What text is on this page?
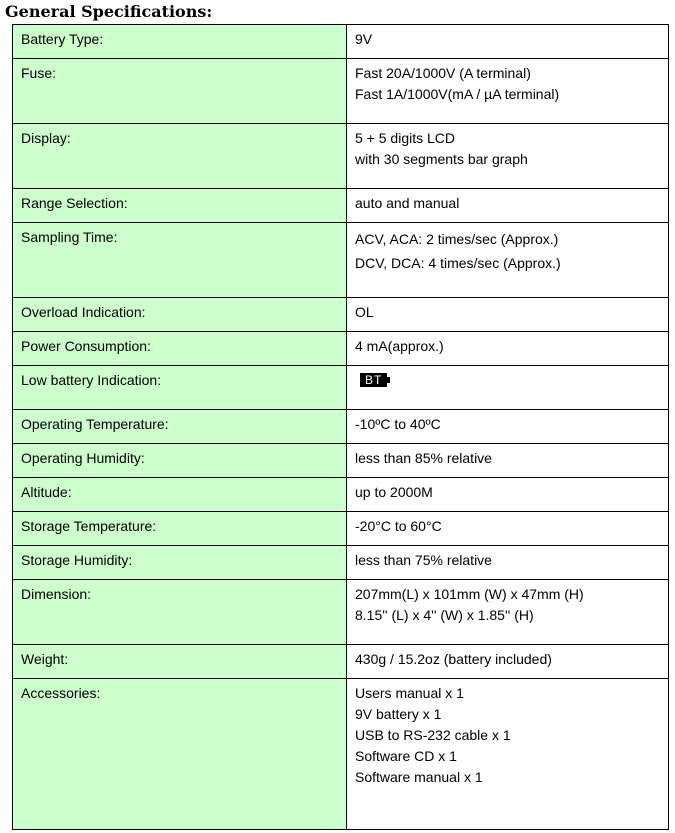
General Specifications:
Battery Type:	9V

Fuse:	Fast 20A/1000V (A terminal)
Fast 1A/1000V(mA / µA terminal)

Display:	5 + 5 digits LCD
with 30 segments bar graph

Range Selection:	auto and manual

Sampling Time:	ACV, ACA: 2 times/sec (Approx.)
DCV, DCA: 4 times/sec (Approx.)

Overload Indication:	OL

Power Consumption:	4 mA(approx.)

Low battery Indication:	BT
Operating Temperature:	-10ºC to 40ºC

Operating Humidity:	less than 85% relative

Altitude:	up to 2000M

Storage Temperature:	-20°C to 60°C

Storage Humidity:	less than 75% relative

Dimension:	207mm(L) x 101mm (W) x 47mm (H)
8.15'' (L) x 4'' (W) x 1.85'' (H)

Weight:	430g / 15.2oz (battery included)

Accessories:	Users manual x 1
9V battery x 1
USB to RS-232 cable x 1
Software CD x 1
Software manual x 1
